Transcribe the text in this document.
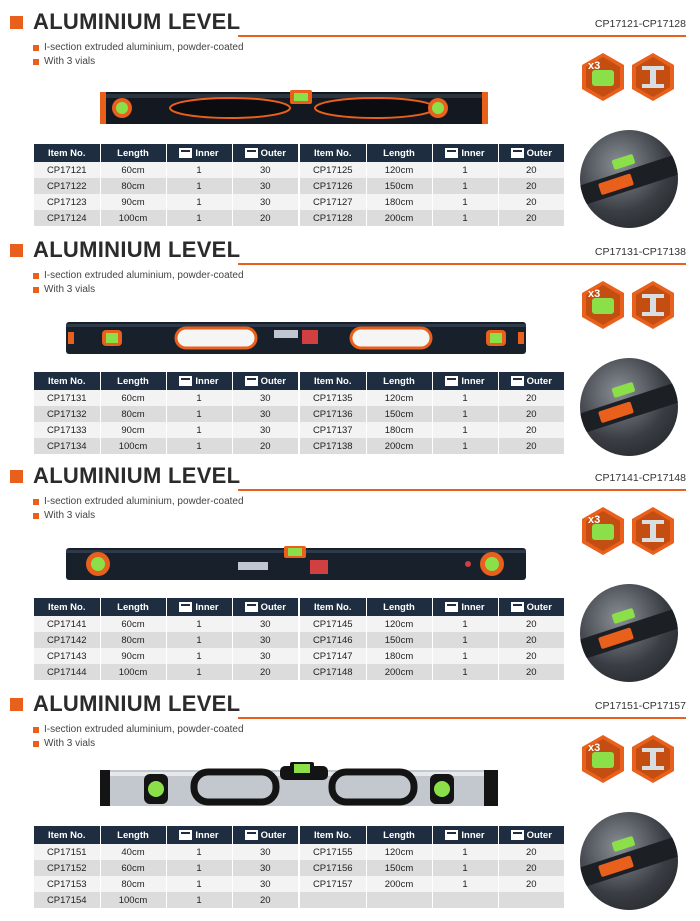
ALUMINIUM LEVEL	CP17121-CP17128
I-section extruded aluminium, powder-coated
With 3 vials
Item No.	Length	Inner	Outer
CP17121	60cm	1	30
CP17122	80cm	1	30
CP17123	90cm	1	30
CP17124	100cm	1	20
Item No.	Length	Inner	Outer
CP17125	120cm	1	20
CP17126	150cm	1	20
CP17127	180cm	1	20
CP17128	200cm	1	20
x3
ALUMINIUM LEVEL	CP17131-CP17138
I-section extruded aluminium, powder-coated
With 3 vials
Item No.	Length	Inner	Outer
CP17131	60cm	1	30
CP17132	80cm	1	30
CP17133	90cm	1	30
CP17134	100cm	1	20
Item No.	Length	Inner	Outer
CP17135	120cm	1	20
CP17136	150cm	1	20
CP17137	180cm	1	20
CP17138	200cm	1	20
x3
ALUMINIUM LEVEL	CP17141-CP17148
I-section extruded aluminium, powder-coated
With 3 vials
Item No.	Length	Inner	Outer
CP17141	60cm	1	30
CP17142	80cm	1	30
CP17143	90cm	1	30
CP17144	100cm	1	20
Item No.	Length	Inner	Outer
CP17145	120cm	1	20
CP17146	150cm	1	20
CP17147	180cm	1	20
CP17148	200cm	1	20
x3
ALUMINIUM LEVEL	CP17151-CP17157
I-section extruded aluminium, powder-coated
With 3 vials
Item No.	Length	Inner	Outer
CP17151	40cm	1	30
CP17152	60cm	1	30
CP17153	80cm	1	30
CP17154	100cm	1	20
Item No.	Length	Inner	Outer
CP17155	120cm	1	20
CP17156	150cm	1	20
CP17157	200cm	1	20

x3
